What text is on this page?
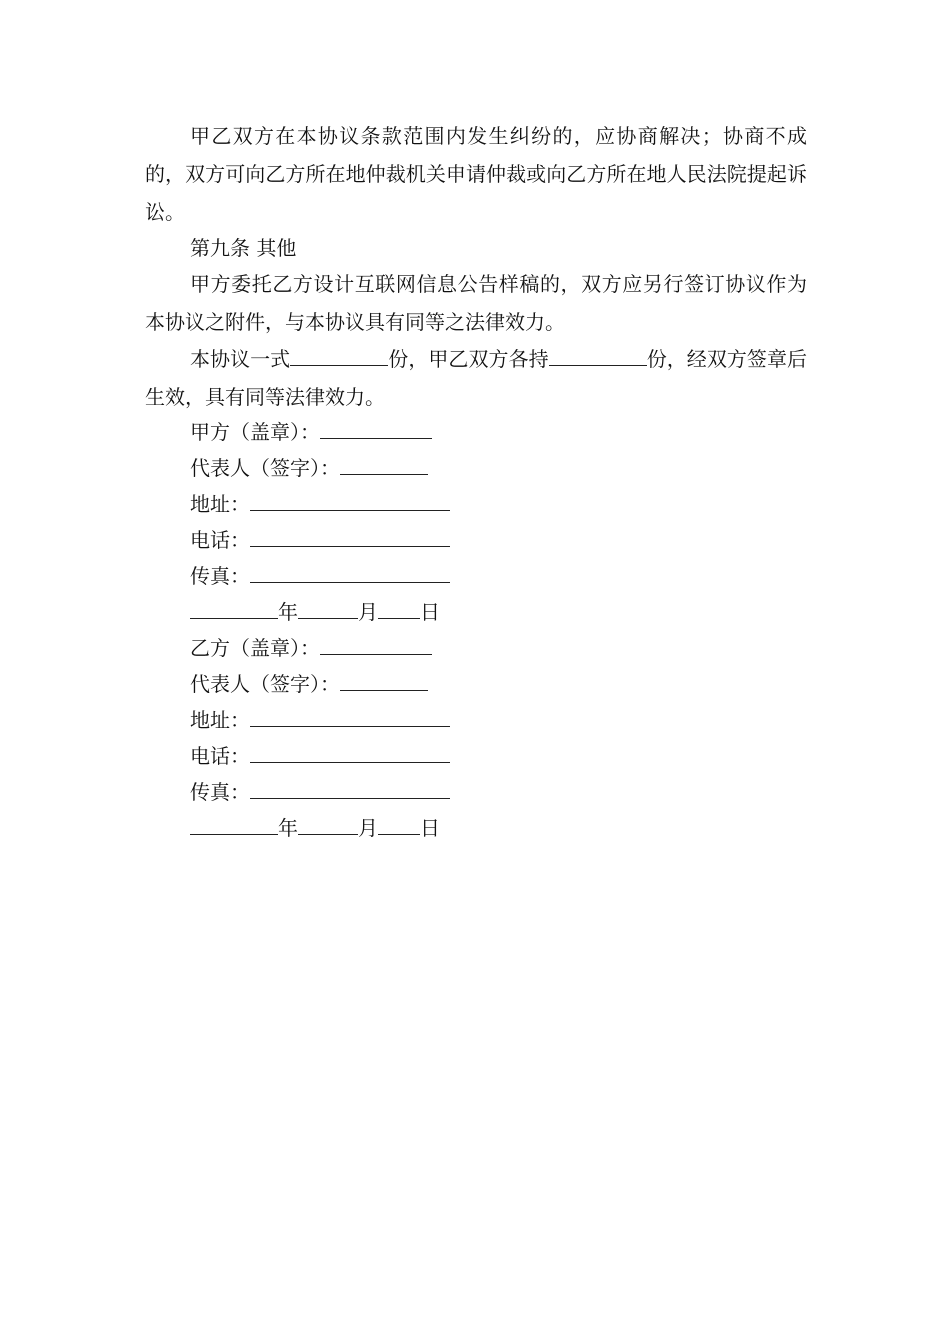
甲乙双方在本协议条款范围内发生纠纷的，应协商解决；协商不成的，双方可向乙方所在地仲裁机关申请仲裁或向乙方所在地人民法院提起诉讼。

第九条 其他

甲方委托乙方设计互联网信息公告样稿的，双方应另行签订协议作为本协议之附件，与本协议具有同等之法律效力。

本协议一式	份，甲乙双方各持	份，经双方签章后生效，具有同等法律效力。

甲方（盖章）：
代表人（签字）：
地址：
电话：
传真：
年	月 日
乙方（盖章）：
代表人（签字）：
地址：
电话：
传真：
年	月 日
